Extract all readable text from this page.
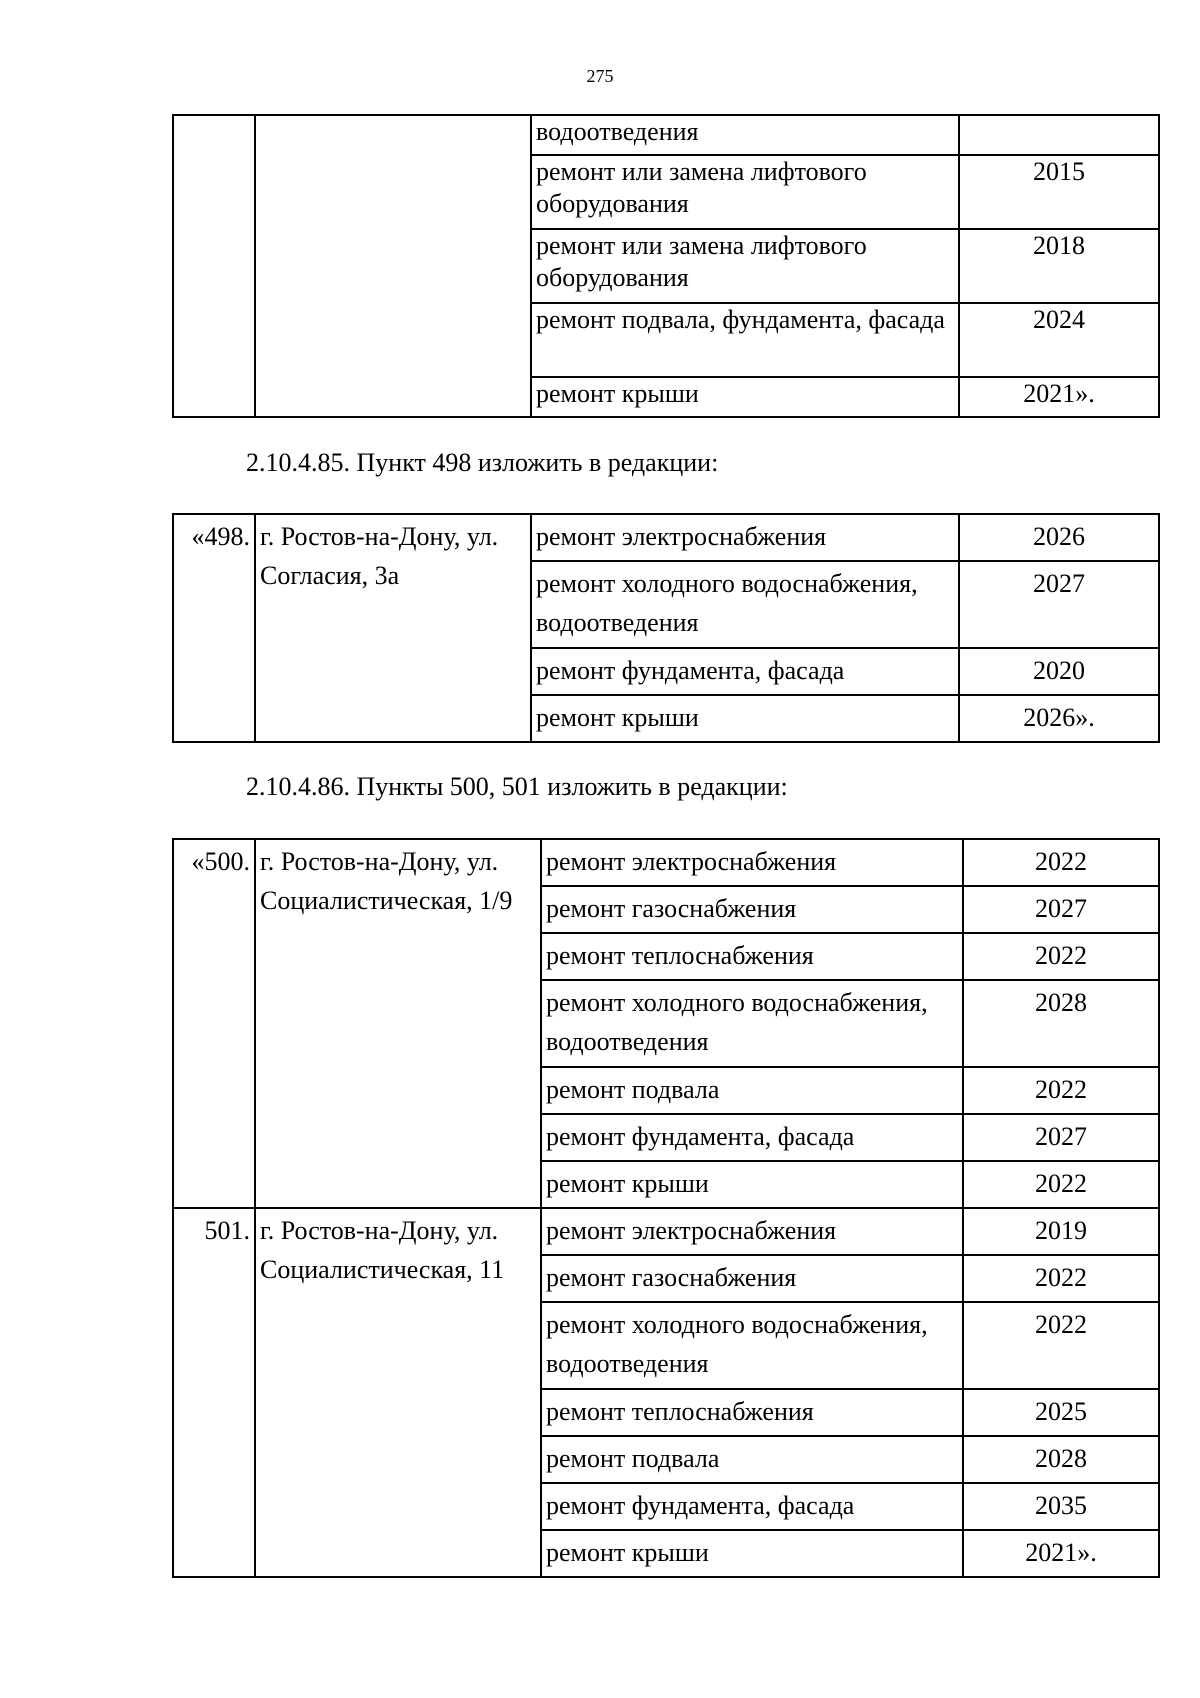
275
		водоотведения	
		ремонт или замена лифтового оборудования	2015
		ремонт или замена лифтового оборудования	2018
		ремонт подвала, фундамента, фасада	2024
		ремонт крыши	2021».
2.10.4.85. Пункт 498 изложить в редакции:
«498.	г. Ростов-на-Дону, ул. Согласия, 3а	ремонт электроснабжения	2026
		ремонт холодного водоснабжения, водоотведения	2027
		ремонт фундамента, фасада	2020
		ремонт крыши	2026».
2.10.4.86. Пункты 500, 501 изложить в редакции:
«500.	г. Ростов-на-Дону, ул. Социалистическая, 1/9	ремонт электроснабжения	2022
		ремонт газоснабжения	2027
		ремонт теплоснабжения	2022
		ремонт холодного водоснабжения, водоотведения	2028
		ремонт подвала	2022
		ремонт фундамента, фасада	2027
		ремонт крыши	2022
501.	г. Ростов-на-Дону, ул. Социалистическая, 11	ремонт электроснабжения	2019
		ремонт газоснабжения	2022
		ремонт холодного водоснабжения, водоотведения	2022
		ремонт теплоснабжения	2025
		ремонт подвала	2028
		ремонт фундамента, фасада	2035
		ремонт крыши	2021».
